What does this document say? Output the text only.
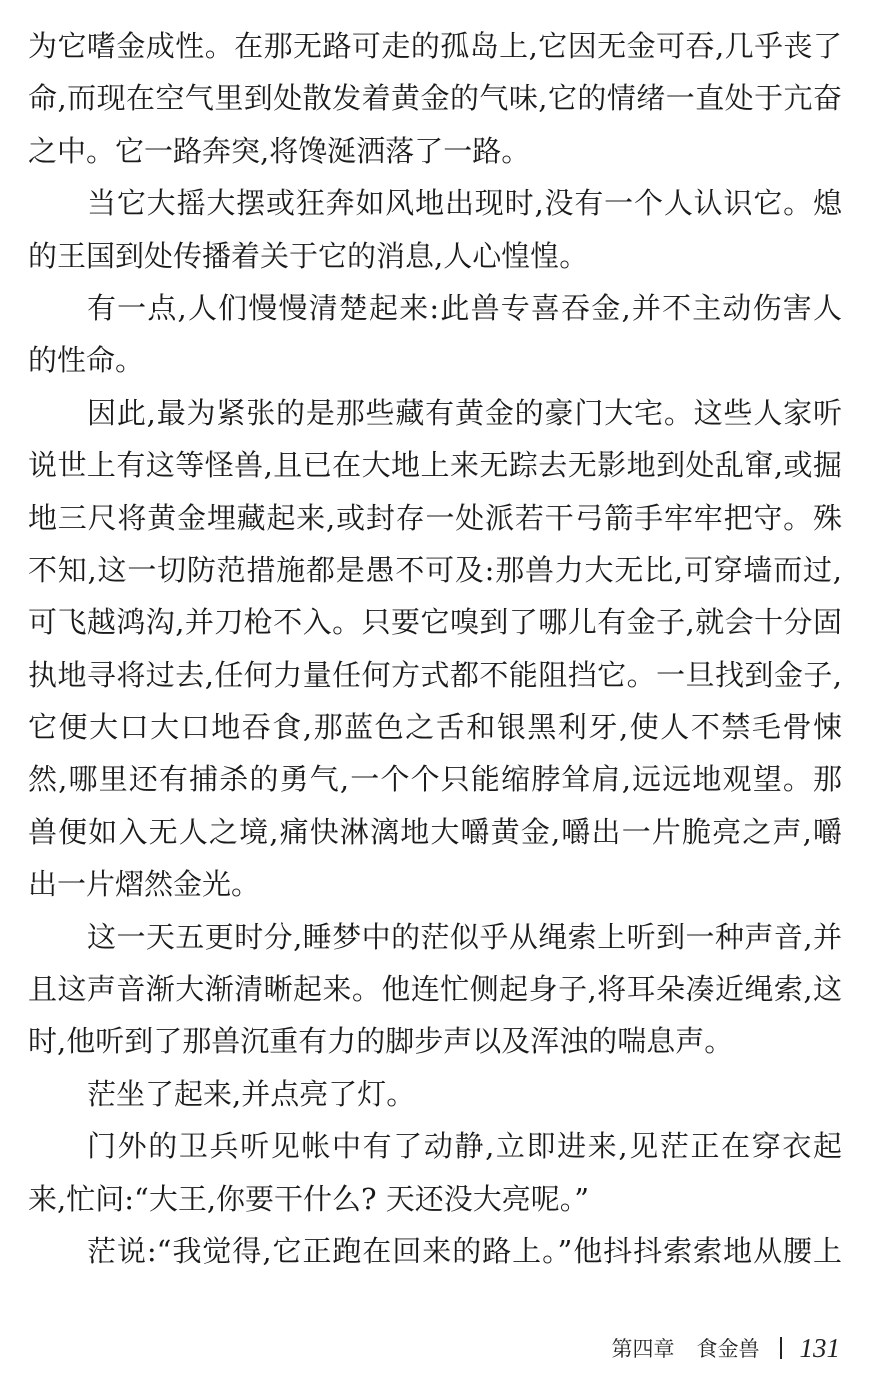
为它嗜金成性。在那无路可走的孤岛上,它因无金可吞,几乎丧了
命,而现在空气里到处散发着黄金的气味,它的情绪一直处于亢奋
之中。它一路奔突,将馋涎洒落了一路。
当它大摇大摆或狂奔如风地出现时,没有一个人认识它。熄
的王国到处传播着关于它的消息,人心惶惶。
有一点,人们慢慢清楚起来:此兽专喜吞金,并不主动伤害人
的性命。
因此,最为紧张的是那些藏有黄金的豪门大宅。这些人家听
说世上有这等怪兽,且已在大地上来无踪去无影地到处乱窜,或掘
地三尺将黄金埋藏起来,或封存一处派若干弓箭手牢牢把守。殊
不知,这一切防范措施都是愚不可及:那兽力大无比,可穿墙而过,
可飞越鸿沟,并刀枪不入。只要它嗅到了哪儿有金子,就会十分固
执地寻将过去,任何力量任何方式都不能阻挡它。一旦找到金子,
它便大口大口地吞食,那蓝色之舌和银黑利牙,使人不禁毛骨悚
然,哪里还有捕杀的勇气,一个个只能缩脖耸肩,远远地观望。那
兽便如入无人之境,痛快淋漓地大嚼黄金,嚼出一片脆亮之声,嚼
出一片熠然金光。
这一天五更时分,睡梦中的茫似乎从绳索上听到一种声音,并
且这声音渐大渐清晰起来。他连忙侧起身子,将耳朵凑近绳索,这
时,他听到了那兽沉重有力的脚步声以及浑浊的喘息声。
茫坐了起来,并点亮了灯。
门外的卫兵听见帐中有了动静,立即进来,见茫正在穿衣起
来,忙问:“大王,你要干什么? 天还没大亮呢。”
茫说:“我觉得,它正跑在回来的路上。”他抖抖索索地从腰上
第四章 食金兽 131
